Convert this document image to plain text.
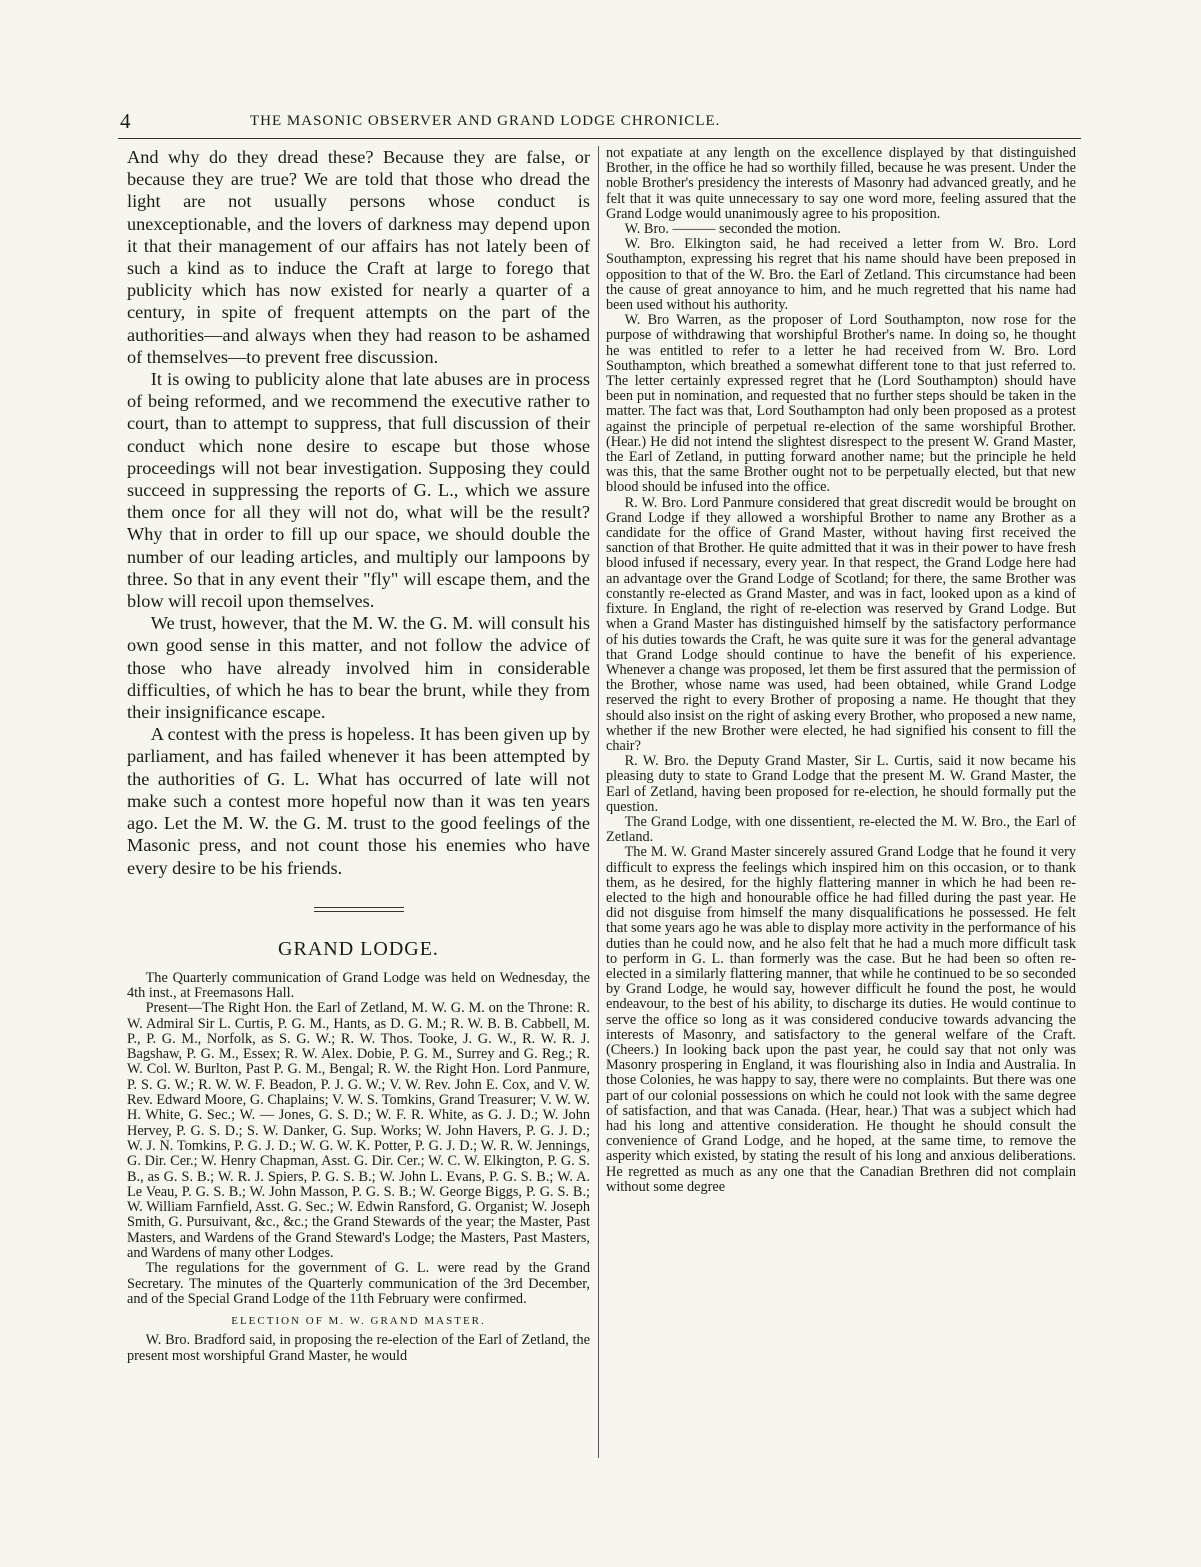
4	THE MASONIC OBSERVER AND GRAND LODGE CHRONICLE.

And why do they dread these? Because they are false, or because they are true? We are told that those who dread the light are not usually persons whose conduct is unexceptionable, and the lovers of darkness may depend upon it that their management of our affairs has not lately been of such a kind as to induce the Craft at large to forego that publicity which has now existed for nearly a quarter of a century, in spite of frequent attempts on the part of the authorities—and always when they had reason to be ashamed of themselves—to prevent free discussion.

It is owing to publicity alone that late abuses are in process of being reformed, and we recommend the executive rather to court, than to attempt to suppress, that full discussion of their conduct which none desire to escape but those whose proceedings will not bear investigation. Supposing they could succeed in suppressing the reports of G. L., which we assure them once for all they will not do, what will be the result? Why that in order to fill up our space, we should double the number of our leading articles, and multiply our lampoons by three. So that in any event their "fly" will escape them, and the blow will recoil upon themselves.

We trust, however, that the M. W. the G. M. will consult his own good sense in this matter, and not follow the advice of those who have already involved him in considerable difficulties, of which he has to bear the brunt, while they from their insignificance escape.

A contest with the press is hopeless. It has been given up by parliament, and has failed whenever it has been attempted by the authorities of G. L. What has occurred of late will not make such a contest more hopeful now than it was ten years ago. Let the M. W. the G. M. trust to the good feelings of the Masonic press, and not count those his enemies who have every desire to be his friends.

GRAND LODGE.

The Quarterly communication of Grand Lodge was held on Wednesday, the 4th inst., at Freemasons Hall.

Present—The Right Hon. the Earl of Zetland, M. W. G. M. on the Throne: R. W. Admiral Sir L. Curtis, P. G. M., Hants, as D. G. M.; R. W. B. B. Cabbell, M. P., P. G. M., Norfolk, as S. G. W.; R. W. Thos. Tooke, J. G. W., R. W. R. J. Bagshaw, P. G. M., Essex; R. W. Alex. Dobie, P. G. M., Surrey and G. Reg.; R. W. Col. W. Burlton, Past P. G. M., Bengal; R. W. the Right Hon. Lord Panmure, P. S. G. W.; R. W. W. F. Beadon, P. J. G. W.; V. W. Rev. John E. Cox, and V. W. Rev. Edward Moore, G. Chaplains; V. W. S. Tomkins, Grand Treasurer; V. W. W. H. White, G. Sec.; W. — Jones, G. S. D.; W. F. R. White, as G. J. D.; W. John Hervey, P. G. S. D.; S. W. Danker, G. Sup. Works; W. John Havers, P. G. J. D.; W. J. N. Tomkins, P. G. J. D.; W. G. W. K. Potter, P. G. J. D.; W. R. W. Jennings, G. Dir. Cer.; W. Henry Chapman, Asst. G. Dir. Cer.; W. C. W. Elkington, P. G. S. B., as G. S. B.; W. R. J. Spiers, P. G. S. B.; W. John L. Evans, P. G. S. B.; W. A. Le Veau, P. G. S. B.; W. John Masson, P. G. S. B.; W. George Biggs, P. G. S. B.; W. William Farnfield, Asst. G. Sec.; W. Edwin Ransford, G. Organist; W. Joseph Smith, G. Pursuivant, &c., &c.; the Grand Stewards of the year; the Master, Past Masters, and Wardens of the Grand Steward's Lodge; the Masters, Past Masters, and Wardens of many other Lodges.

The regulations for the government of G. L. were read by the Grand Secretary. The minutes of the Quarterly communication of the 3rd December, and of the Special Grand Lodge of the 11th February were confirmed.

ELECTION OF M. W. GRAND MASTER.

W. Bro. Bradford said, in proposing the re-election of the Earl of Zetland, the present most worshipful Grand Master, he would

not expatiate at any length on the excellence displayed by that distinguished Brother, in the office he had so worthily filled, because he was present. Under the noble Brother's presidency the interests of Masonry had advanced greatly, and he felt that it was quite unnecessary to say one word more, feeling assured that the Grand Lodge would unanimously agree to his proposition.

W. Bro. ——— seconded the motion.

W. Bro. Elkington said, he had received a letter from W. Bro. Lord Southampton, expressing his regret that his name should have been preposed in opposition to that of the W. Bro. the Earl of Zetland. This circumstance had been the cause of great annoyance to him, and he much regretted that his name had been used without his authority.

W. Bro Warren, as the proposer of Lord Southampton, now rose for the purpose of withdrawing that worshipful Brother's name. In doing so, he thought he was entitled to refer to a letter he had received from W. Bro. Lord Southampton, which breathed a somewhat different tone to that just referred to. The letter certainly expressed regret that he (Lord Southampton) should have been put in nomination, and requested that no further steps should be taken in the matter. The fact was that, Lord Southampton had only been proposed as a protest against the principle of perpetual re-election of the same worshipful Brother. (Hear.) He did not intend the slightest disrespect to the present W. Grand Master, the Earl of Zetland, in putting forward another name; but the principle he held was this, that the same Brother ought not to be perpetually elected, but that new blood should be infused into the office.

R. W. Bro. Lord Panmure considered that great discredit would be brought on Grand Lodge if they allowed a worshipful Brother to name any Brother as a candidate for the office of Grand Master, without having first received the sanction of that Brother. He quite admitted that it was in their power to have fresh blood infused if necessary, every year. In that respect, the Grand Lodge here had an advantage over the Grand Lodge of Scotland; for there, the same Brother was constantly re-elected as Grand Master, and was in fact, looked upon as a kind of fixture. In England, the right of re-election was reserved by Grand Lodge. But when a Grand Master has distinguished himself by the satisfactory performance of his duties towards the Craft, he was quite sure it was for the general advantage that Grand Lodge should continue to have the benefit of his experience. Whenever a change was proposed, let them be first assured that the permission of the Brother, whose name was used, had been obtained, while Grand Lodge reserved the right to every Brother of proposing a name. He thought that they should also insist on the right of asking every Brother, who proposed a new name, whether if the new Brother were elected, he had signified his consent to fill the chair?

R. W. Bro. the Deputy Grand Master, Sir L. Curtis, said it now became his pleasing duty to state to Grand Lodge that the present M. W. Grand Master, the Earl of Zetland, having been proposed for re-election, he should formally put the question.

The Grand Lodge, with one dissentient, re-elected the M. W. Bro., the Earl of Zetland.

The M. W. Grand Master sincerely assured Grand Lodge that he found it very difficult to express the feelings which inspired him on this occasion, or to thank them, as he desired, for the highly flattering manner in which he had been re-elected to the high and honourable office he had filled during the past year. He did not disguise from himself the many disqualifications he possessed. He felt that some years ago he was able to display more activity in the performance of his duties than he could now, and he also felt that he had a much more difficult task to perform in G. L. than formerly was the case. But he had been so often re-elected in a similarly flattering manner, that while he continued to be so seconded by Grand Lodge, he would say, however difficult he found the post, he would endeavour, to the best of his ability, to discharge its duties. He would continue to serve the office so long as it was considered conducive towards advancing the interests of Masonry, and satisfactory to the general welfare of the Craft. (Cheers.) In looking back upon the past year, he could say that not only was Masonry prospering in England, it was flourishing also in India and Australia. In those Colonies, he was happy to say, there were no complaints. But there was one part of our colonial possessions on which he could not look with the same degree of satisfaction, and that was Canada. (Hear, hear.) That was a subject which had had his long and attentive consideration. He thought he should consult the convenience of Grand Lodge, and he hoped, at the same time, to remove the asperity which existed, by stating the result of his long and anxious deliberations. He regretted as much as any one that the Canadian Brethren did not complain without some degree
